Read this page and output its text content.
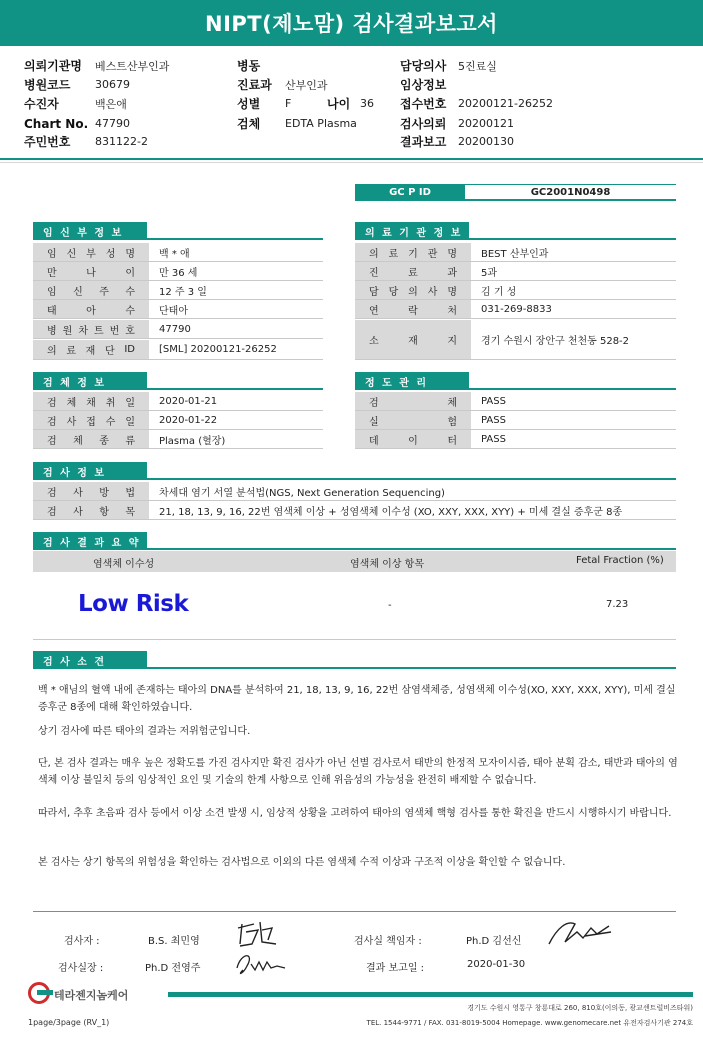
NIPT(제노맘) 검사결과보고서
의뢰기관명 베스트산부인과
병원코드 30679
수진자	백은애
Chart No. 47790
주민번호 831122-2
병동
진료과 산부인과
성별 F
검체 EDTA Plasma
담당의사 5진료실
임상정보
접수번호 20200121-26252
검사의뢰 20200121
결과보고 20200130
나이 36
GC P ID	GC2001N0498
임 신 부 정 보
임 신 부 성 명	백 * 애
만	나	이	만 36 세
임 신 주 수	12 주 3 일
태	아	수	단태아
병 원 차 트 번 호	47790
의 료 재 단 ID	[SML] 20200121-26252
의 료 기 관 정 보
의 료 기 관 명	BEST 산부인과
진	료	과	5과
담 당 의 사 명	김 기 성
연	락	처	031-269-8833
소	재	지	경기 수원시 장안구 천천동 528-2
검 체 정 보
검 체 채 취 일	2020-01-21
검 사 접 수 일	2020-01-22
검 체 종 류	Plasma (혈장)
정 도 관 리
검	체	PASS
실	험	PASS
데	이	터	PASS
검 사 정 보
검 사 방 법	차세대 염기 서열 분석법(NGS, Next Generation Sequencing)
검 사 항 목	21, 18, 13, 9, 16, 22번 염색체 이상 + 성염색체 이수성 (XO, XXY, XXX, XYY) + 미세 결실 증후군 8종
검 사 결 과 요 약
염색체 이수성	염색체 이상 항목	Fetal Fraction (%)
Low Risk	-	7.23
검 사 소 견
백 * 애님의 혈액 내에 존재하는 태아의 DNA를 분석하여 21, 18, 13, 9, 16, 22번 삼염색체증, 성염색체 이수성(XO, XXY, XXX, XYY), 미세 결실 증후군 8종에 대해 확인하였습니다.
상기 검사에 따른 태아의 결과는 저위험군입니다.
단, 본 검사 결과는 매우 높은 정확도를 가진 검사지만 확진 검사가 아닌 선별 검사로서 태반의 한정적 모자이시즘, 태아 분획 감소, 태반과 태아의 염색체 이상 불일치 등의 임상적인 요인 및 기술의 한계 사항으로 인해 위음성의 가능성을 완전히 배제할 수 없습니다.
따라서, 추후 초음파 검사 등에서 이상 소견 발생 시, 임상적 상황을 고려하여 태아의 염색체 핵형 검사를 통한 확진을 반드시 시행하시기 바랍니다.
본 검사는 상기 항목의 위험성을 확인하는 검사법으로 이외의 다른 염색체 수적 이상과 구조적 이상을 확인할 수 없습니다.
검사자 :	B.S. 최민영
검사실장 :	Ph.D 전영주
검사실 책임자 :	Ph.D 김선신
결과 보고일 :	2020-01-30
테라젠지놈케어
경기도 수원시 영통구 창룡대로 260, 810호(이의동, 광교센트럴비즈타워)
TEL. 1544-9771 / FAX. 031-8019-5004 Homepage. www.genomecare.net 유전자검사기관 274호
1page/3page (RV_1)
